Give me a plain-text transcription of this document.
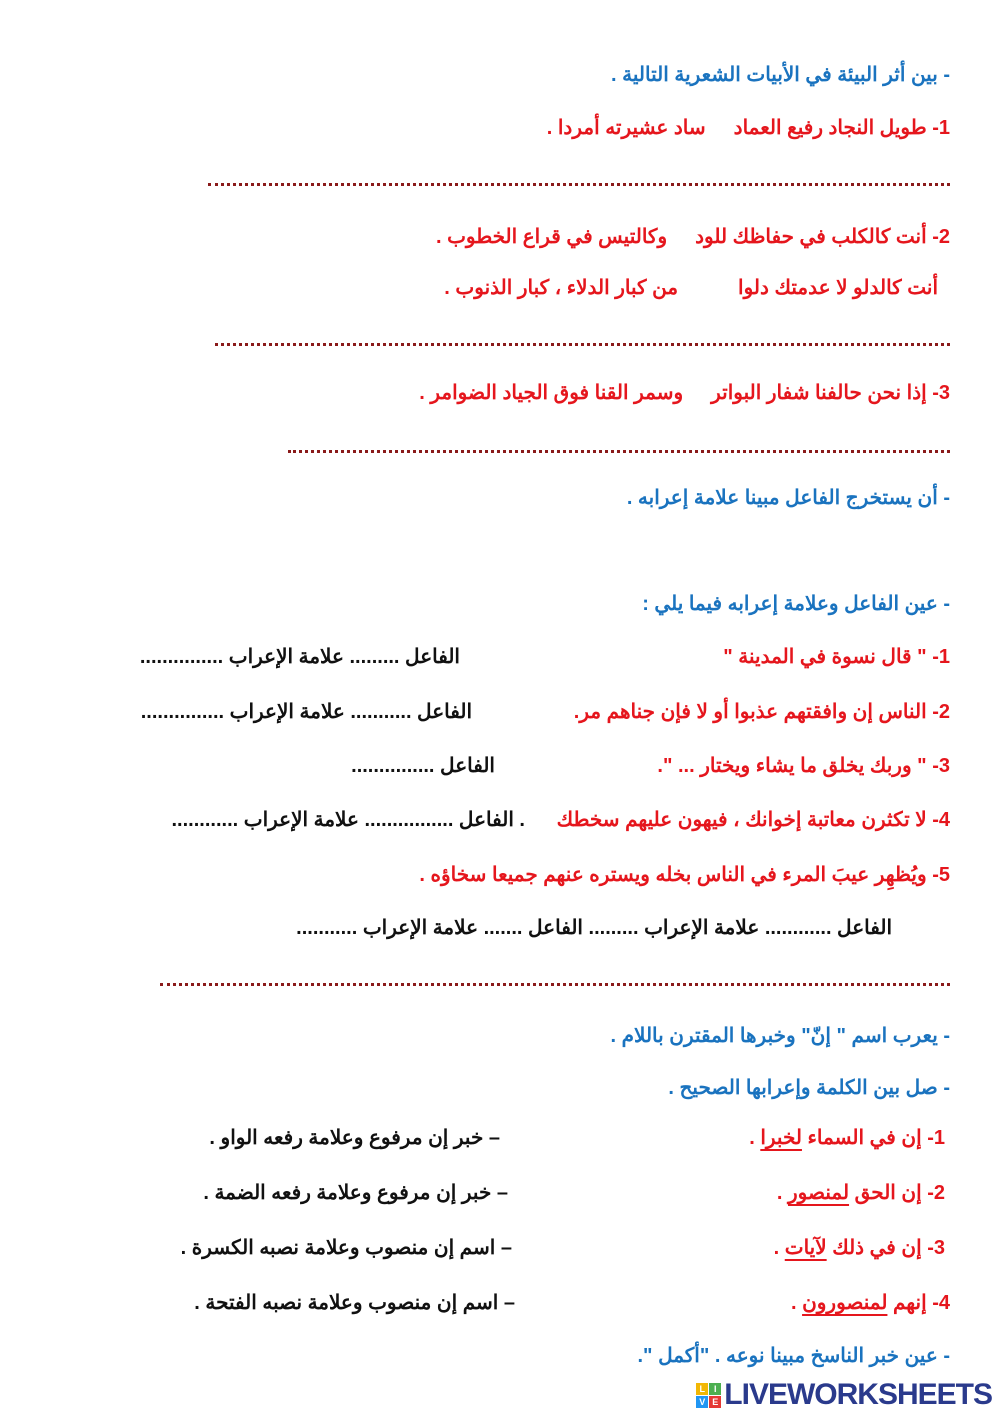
- بين أثر البيئة في الأبيات الشعرية التالية .
1- طويل النجاد رفيع العمادساد عشيرته أمردا .
2- أنت كالكلب في حفاظك للودوكالتيس في قراع الخطوب .
أنت كالدلو لا عدمتك دلوامن كبار الدلاء ، كبار الذنوب .
3- إذا نحن حالفنا شفار البواتروسمر القنا فوق الجياد الضوامر .
- أن يستخرج الفاعل مبينا علامة إعرابه .
- عين الفاعل وعلامة إعرابه فيما يلي :
1- " قال نسوة في المدينة "
الفاعل ......... علامة الإعراب ...............
2- الناس إن وافقتهم عذبوا أو لا فإن جناهم مر.
الفاعل ........... علامة الإعراب ...............
3- " وربك يخلق ما يشاء ويختار ... ".
الفاعل ...............
4- لا تكثرن معاتبة إخوانك ، فيهون عليهم سخطك
. الفاعل ................ علامة الإعراب ............
5- ويُظهِر عيبَ المرء في الناس بخله ويستره عنهم جميعا سخاؤه .
الفاعل ............ علامة الإعراب ......... الفاعل ....... علامة الإعراب ...........
- يعرب اسم " إنّ" وخبرها المقترن باللام .
- صل بين الكلمة وإعرابها الصحيح .
1- إن في السماء لخبرا .
– خبر إن مرفوع وعلامة رفعه الواو .
2- إن الحق لمنصور .
– خبر إن مرفوع وعلامة رفعه الضمة .
3- إن في ذلك لآيات .
– اسم إن منصوب وعلامة نصبه الكسرة .
4- إنهم لمنصورون .
– اسم إن منصوب وعلامة نصبه الفتحة .
- عين خبر الناسخ مبينا نوعه . "أكمل ".
L I
V E LIVEWORKSHEETS
